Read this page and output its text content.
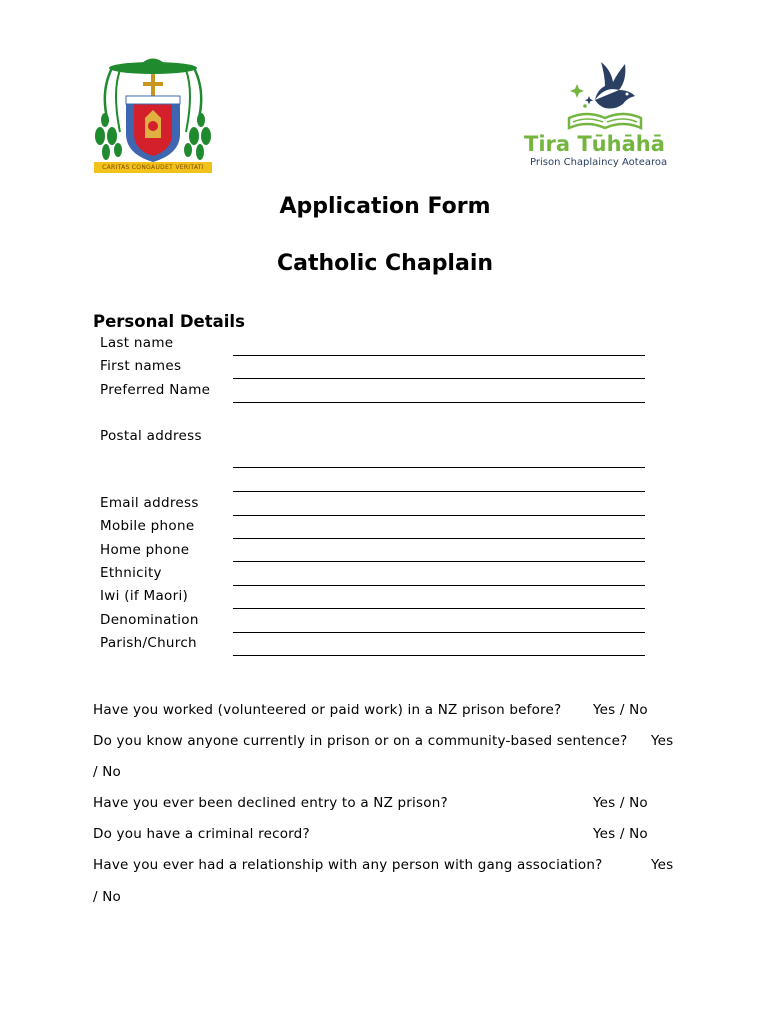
CARITAS CONGAUDET VERITATI
Tira Tūhāhā
Prison Chaplaincy Aotearoa
Application Form
Catholic Chaplain
Personal Details
Last name
First names
Preferred Name
Postal address
Email address
Mobile phone
Home phone
Ethnicity
Iwi (if Maori)
Denomination
Parish/Church
Have you worked (volunteered or paid work) in a NZ prison before? Yes / No
Do you know anyone currently in prison or on a community-based sentence? Yes
/ No
Have you ever been declined entry to a NZ prison?	Yes / No
Do you have a criminal record?	Yes / No
Have you ever had a relationship with any person with gang association?	Yes
/ No
